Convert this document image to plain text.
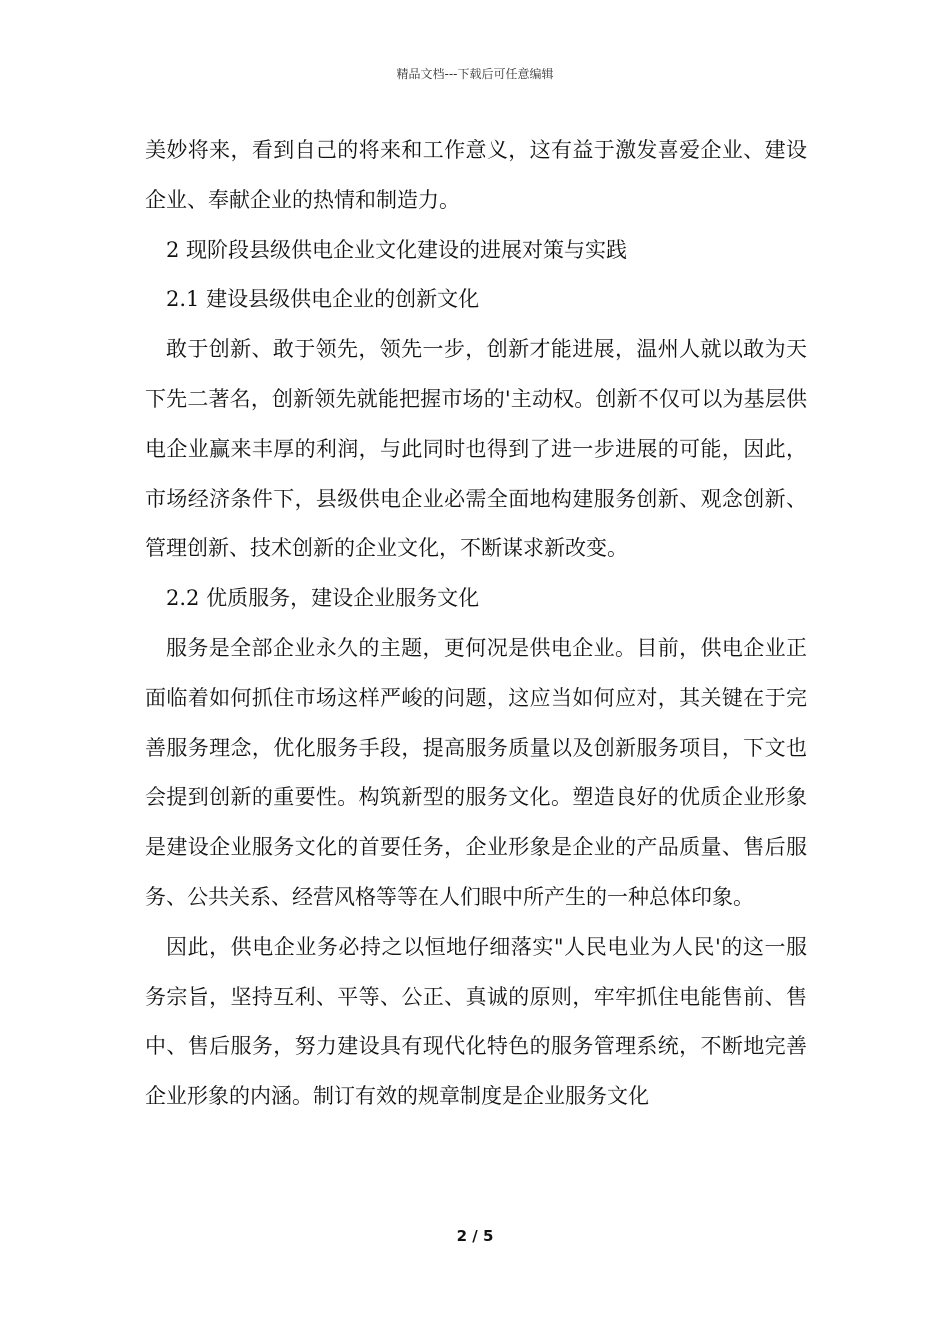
精品文档---下载后可任意编辑

美妙将来，看到自己的将来和工作意义，这有益于激发喜爱企业、建设企业、奉献企业的热情和制造力。

2 现阶段县级供电企业文化建设的进展对策与实践

2.1 建设县级供电企业的创新文化

敢于创新、敢于领先，领先一步，创新才能进展，温州人就以敢为天下先二著名，创新领先就能把握市场的'主动权。创新不仅可以为基层供电企业赢来丰厚的利润，与此同时也得到了进一步进展的可能，因此，市场经济条件下，县级供电企业必需全面地构建服务创新、观念创新、管理创新、技术创新的企业文化，不断谋求新改变。

2.2 优质服务，建设企业服务文化

服务是全部企业永久的主题，更何况是供电企业。目前，供电企业正面临着如何抓住市场这样严峻的问题，这应当如何应对，其关键在于完善服务理念，优化服务手段，提高服务质量以及创新服务项目，下文也会提到创新的重要性。构筑新型的服务文化。塑造良好的优质企业形象是建设企业服务文化的首要任务，企业形象是企业的产品质量、售后服务、公共关系、经营风格等等在人们眼中所产生的一种总体印象。

因此，供电企业务必持之以恒地仔细落实"人民电业为人民'的这一服务宗旨，坚持互利、平等、公正、真诚的原则，牢牢抓住电能售前、售中、售后服务，努力建设具有现代化特色的服务管理系统，不断地完善企业形象的内涵。制订有效的规章制度是企业服务文化

2 / 5
